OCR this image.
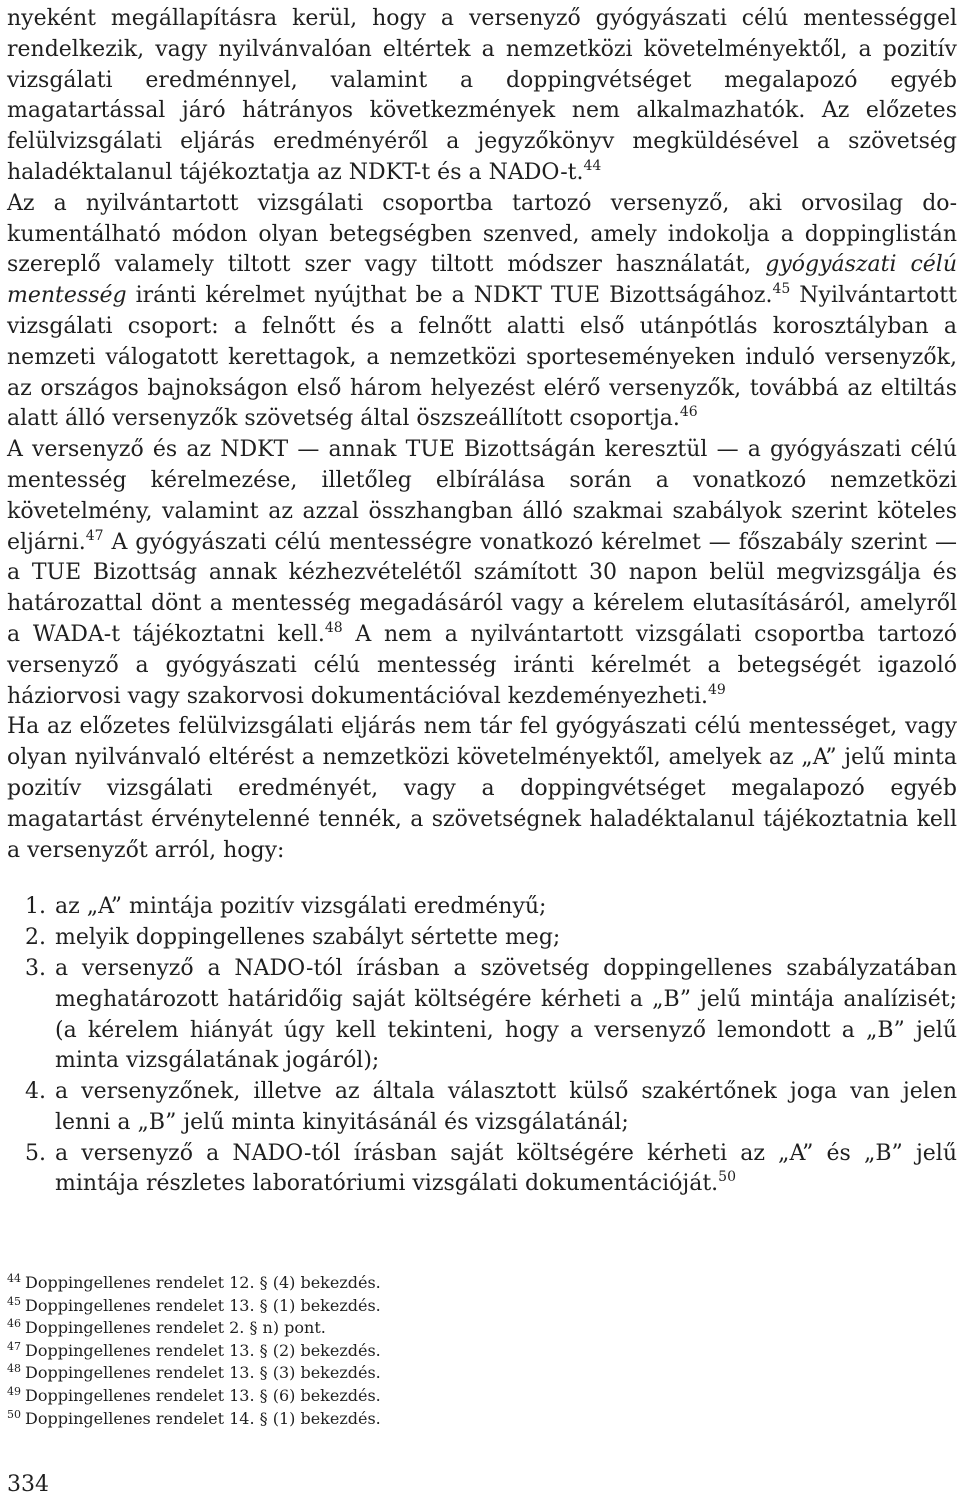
nyeként megállapításra kerül, hogy a versenyző gyógyászati célú mentességgel rendelkezik, vagy nyilvánvalóan eltértek a nemzetközi követelményektől, a pozitív vizsgálati eredménnyel, valamint a doppingvétséget megalapozó egyéb magatartással járó hátrányos következmények nem alkalmazhatók. Az előzetes felülvizsgálati eljárás eredményéről a jegyzőkönyv megküldésével a szövetség haladéktalanul tájékoztatja az NDKT-t és a NADO-t.$^{44}$

Az a nyilvántartott vizsgálati csoportba tartozó versenyző, aki orvosilag dokumentálható módon olyan betegségben szenved, amely indokolja a doppinglistán szereplő valamely tiltott szer vagy tiltott módszer használatát, gyógyászati célú mentesség iránti kérelmet nyújthat be a NDKT TUE Bizottságához.$^{45}$ Nyilvántartott vizsgálati csoport: a felnőtt és a felnőtt alatti első utánpótlás korosztályban a nemzeti válogatott kerettagok, a nemzetközi sporteseményeken induló versenyzők, az országos bajnokságon első három helyezést elérő versenyzők, továbbá az eltiltás alatt álló versenyzők szövetség által öszszeállított csoportja.$^{46}$

A versenyző és az NDKT — annak TUE Bizottságán keresztül — a gyógyászati célú mentesség kérelmezése, illetőleg elbírálása során a vonatkozó nemzetközi követelmény, valamint az azzal összhangban álló szakmai szabályok szerint köteles eljárni.$^{47}$ A gyógyászati célú mentességre vonatkozó kérelmet — főszabály szerint — a TUE Bizottság annak kézhezvételétől számított 30 napon belül megvizsgálja és határozattal dönt a mentesség megadásáról vagy a kérelem elutasításáról, amelyről a WADA-t tájékoztatni kell.$^{48}$ A nem a nyilvántartott vizsgálati csoportba tartozó versenyző a gyógyászati célú mentesség iránti kérelmét a betegségét igazoló háziorvosi vagy szakorvosi dokumentációval kezdeményezheti.$^{49}$

Ha az előzetes felülvizsgálati eljárás nem tár fel gyógyászati célú mentességet, vagy olyan nyilvánvaló eltérést a nemzetközi követelményektől, amelyek az „A” jelű minta pozitív vizsgálati eredményét, vagy a doppingvétséget megalapozó egyéb magatartást érvénytelenné tennék, a szövetségnek haladéktalanul tájékoztatnia kell a versenyzőt arról, hogy:

1. az „A” mintája pozitív vizsgálati eredményű;
2. melyik doppingellenes szabályt sértette meg;
3. a versenyző a NADO-tól írásban a szövetség doppingellenes szabályzatában meghatározott határidőig saját költségére kérheti a „B” jelű mintája analízisét; (a kérelem hiányát úgy kell tekinteni, hogy a versenyző lemondott a „B” jelű minta vizsgálatának jogáról);
4. a versenyzőnek, illetve az általa választott külső szakértőnek joga van jelen lenni a „B” jelű minta kinyitásánál és vizsgálatánál;
5. a versenyző a NADO-tól írásban saját költségére kérheti az „A” és „B” jelű mintája részletes laboratóriumi vizsgálati dokumentációját.$^{50}$
$^{44}$ Doppingellenes rendelet 12. § (4) bekezdés.
$^{45}$ Doppingellenes rendelet 13. § (1) bekezdés.
$^{46}$ Doppingellenes rendelet 2. § n) pont.
$^{47}$ Doppingellenes rendelet 13. § (2) bekezdés.
$^{48}$ Doppingellenes rendelet 13. § (3) bekezdés.
$^{49}$ Doppingellenes rendelet 13. § (6) bekezdés.
$^{50}$ Doppingellenes rendelet 14. § (1) bekezdés.
334
